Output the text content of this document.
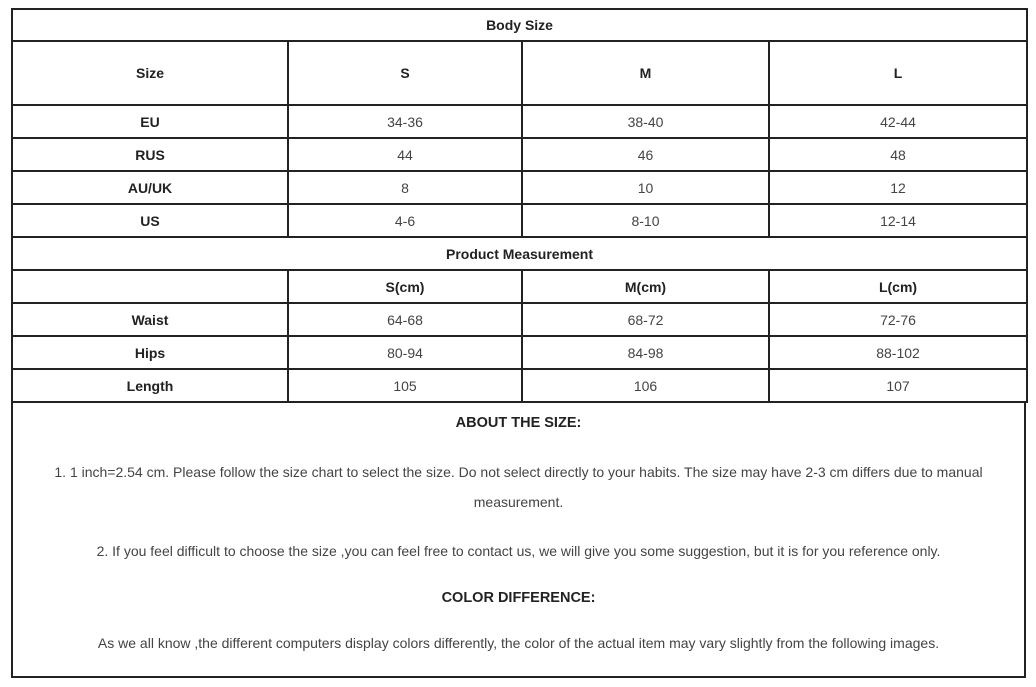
Body Size			
Size	S	M	L
EU	34-36	38-40	42-44
RUS	44	46	48
AU/UK	8	10	12
US	4-6	8-10	12-14
Product Measurement			
	S(cm)	M(cm)	L(cm)
Waist	64-68	68-72	72-76
Hips	80-94	84-98	88-102
Length	105	106	107

ABOUT THE SIZE:

1. 1 inch=2.54 cm. Please follow the size chart to select the size. Do not select directly to your habits. The size may have 2-3 cm differs due to manual measurement.

2. If you feel difficult to choose the size ,you can feel free to contact us, we will give you some suggestion, but it is for you reference only.

COLOR DIFFERENCE:

As we all know ,the different computers display colors differently, the color of the actual item may vary slightly from the following images.
